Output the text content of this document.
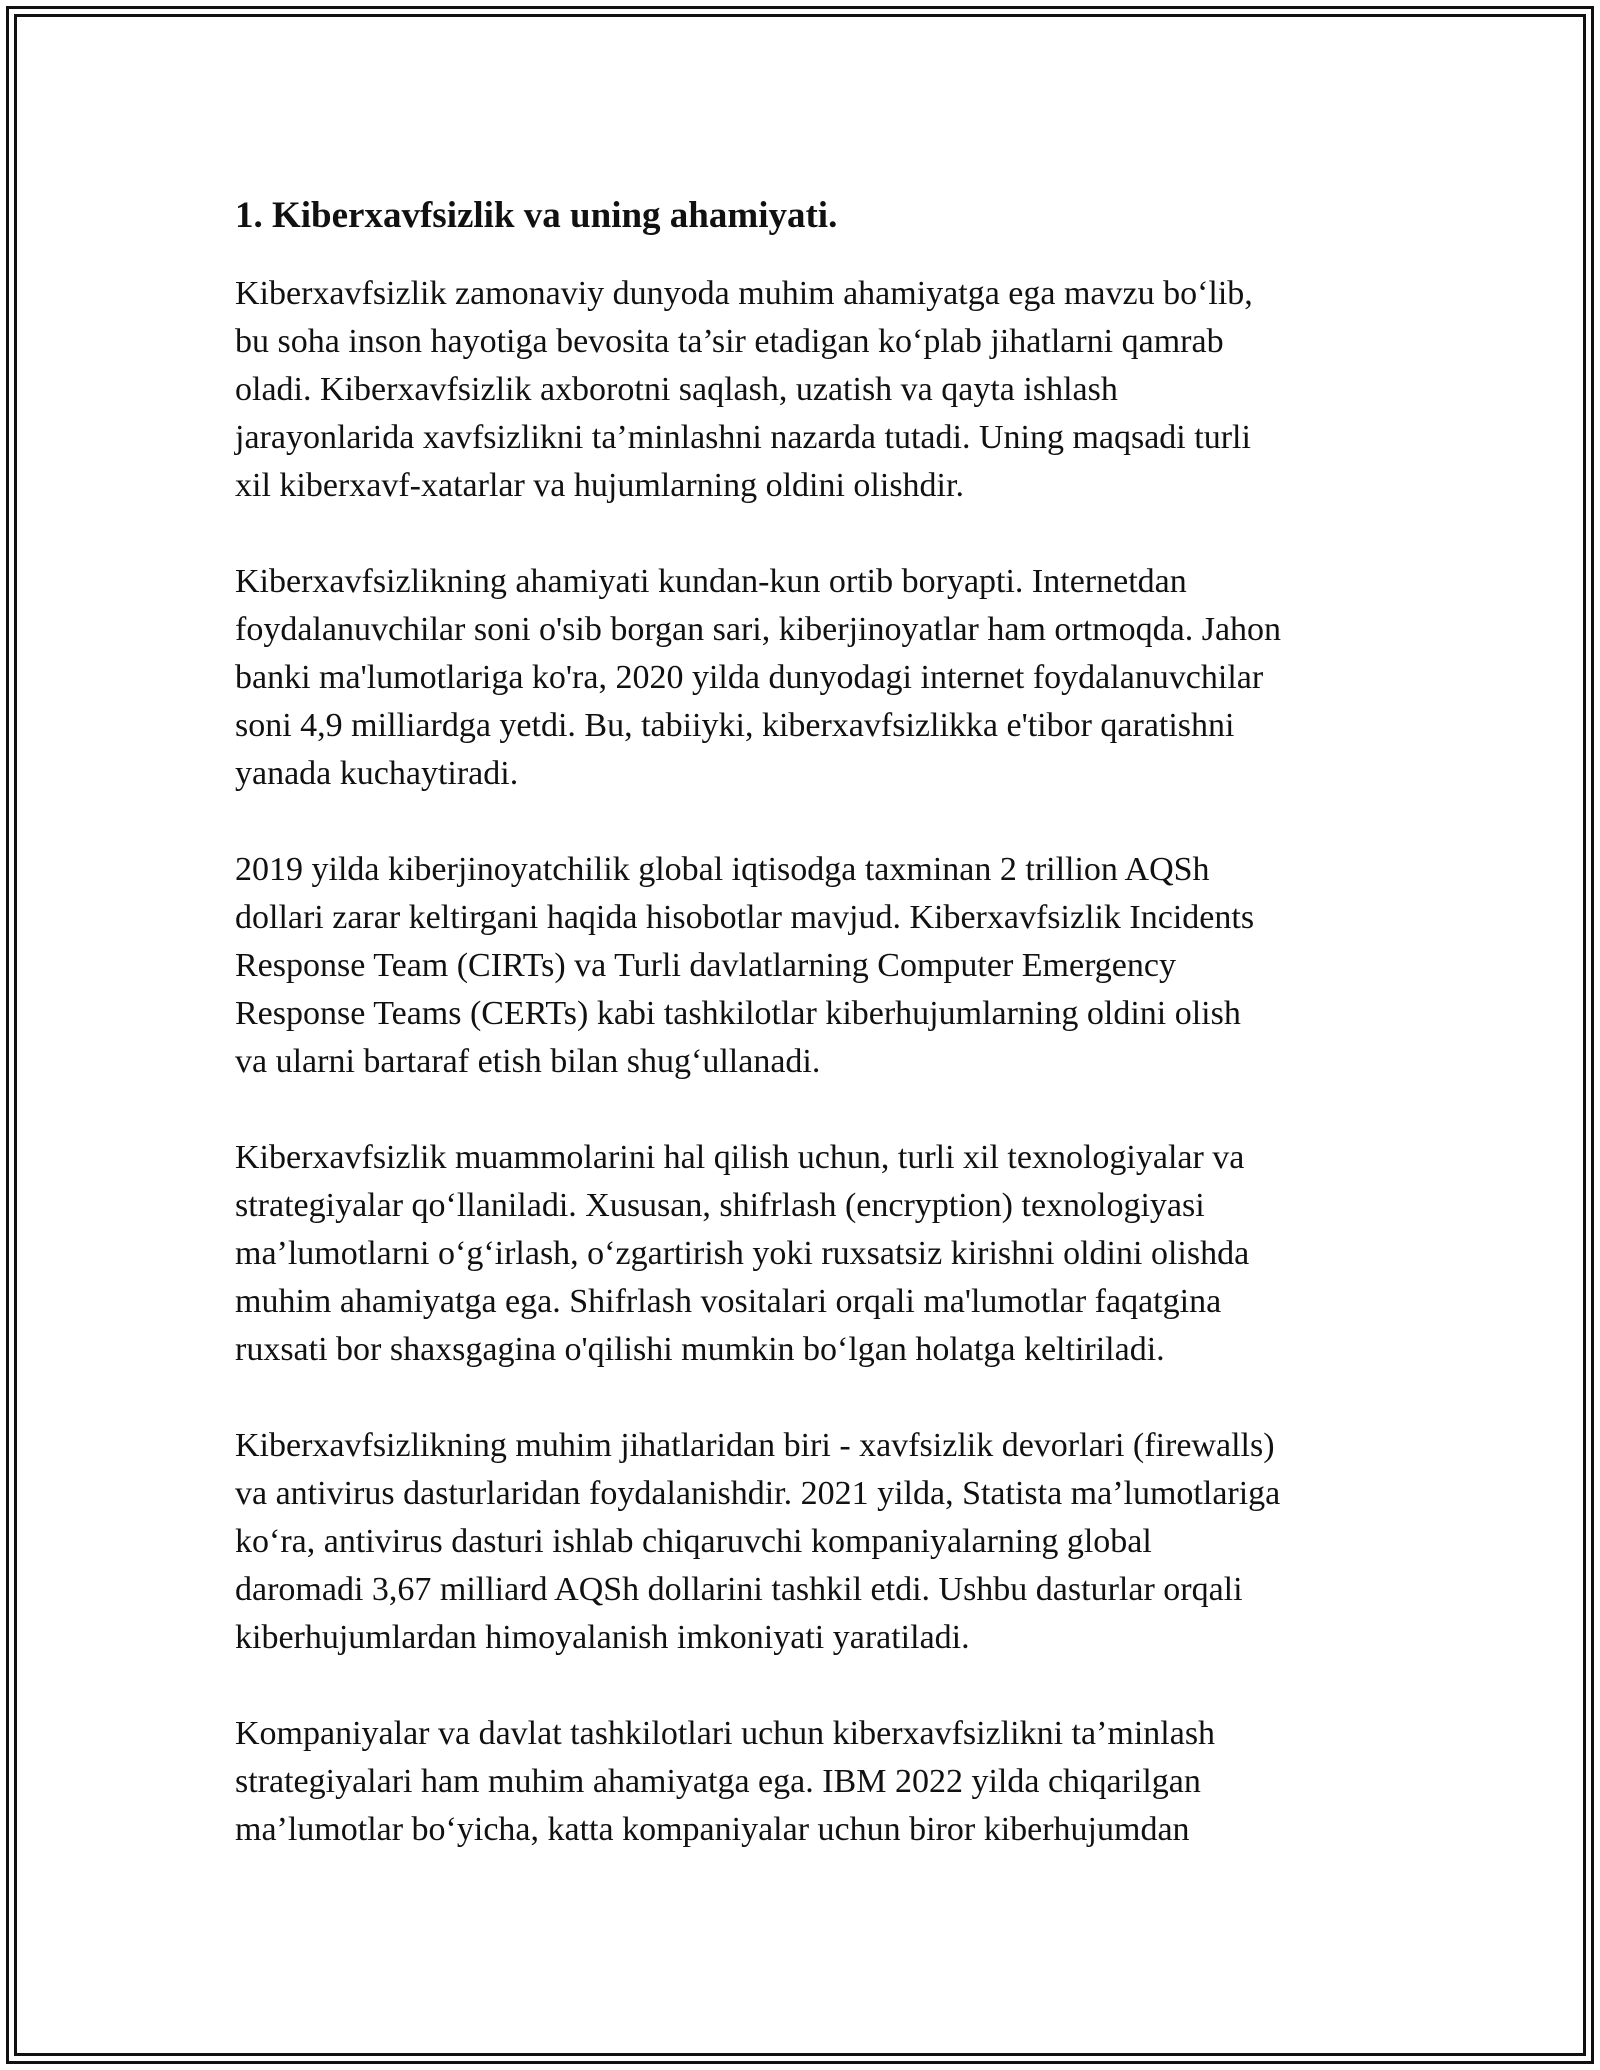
1. Kiberxavfsizlik va uning ahamiyati.

Kiberxavfsizlik zamonaviy dunyoda muhim ahamiyatga ega mavzu bo‘lib,
bu soha inson hayotiga bevosita ta’sir etadigan ko‘plab jihatlarni qamrab
oladi. Kiberxavfsizlik axborotni saqlash, uzatish va qayta ishlash
jarayonlarida xavfsizlikni ta’minlashni nazarda tutadi. Uning maqsadi turli
xil kiberxavf-xatarlar va hujumlarning oldini olishdir.

Kiberxavfsizlikning ahamiyati kundan-kun ortib boryapti. Internetdan
foydalanuvchilar soni o'sib borgan sari, kiberjinoyatlar ham ortmoqda. Jahon
banki ma'lumotlariga ko'ra, 2020 yilda dunyodagi internet foydalanuvchilar
soni 4,9 milliardga yetdi. Bu, tabiiyki, kiberxavfsizlikka e'tibor qaratishni
yanada kuchaytiradi.

2019 yilda kiberjinoyatchilik global iqtisodga taxminan 2 trillion AQSh
dollari zarar keltirgani haqida hisobotlar mavjud. Kiberxavfsizlik Incidents
Response Team (CIRTs) va Turli davlatlarning Computer Emergency
Response Teams (CERTs) kabi tashkilotlar kiberhujumlarning oldini olish
va ularni bartaraf etish bilan shug‘ullanadi.

Kiberxavfsizlik muammolarini hal qilish uchun, turli xil texnologiyalar va
strategiyalar qo‘llaniladi. Xususan, shifrlash (encryption) texnologiyasi
ma’lumotlarni o‘g‘irlash, o‘zgartirish yoki ruxsatsiz kirishni oldini olishda
muhim ahamiyatga ega. Shifrlash vositalari orqali ma'lumotlar faqatgina
ruxsati bor shaxsgagina o'qilishi mumkin bo‘lgan holatga keltiriladi.

Kiberxavfsizlikning muhim jihatlaridan biri - xavfsizlik devorlari (firewalls)
va antivirus dasturlaridan foydalanishdir. 2021 yilda, Statista ma’lumotlariga
ko‘ra, antivirus dasturi ishlab chiqaruvchi kompaniyalarning global
daromadi 3,67 milliard AQSh dollarini tashkil etdi. Ushbu dasturlar orqali
kiberhujumlardan himoyalanish imkoniyati yaratiladi.

Kompaniyalar va davlat tashkilotlari uchun kiberxavfsizlikni ta’minlash
strategiyalari ham muhim ahamiyatga ega. IBM 2022 yilda chiqarilgan
ma’lumotlar bo‘yicha, katta kompaniyalar uchun biror kiberhujumdan
